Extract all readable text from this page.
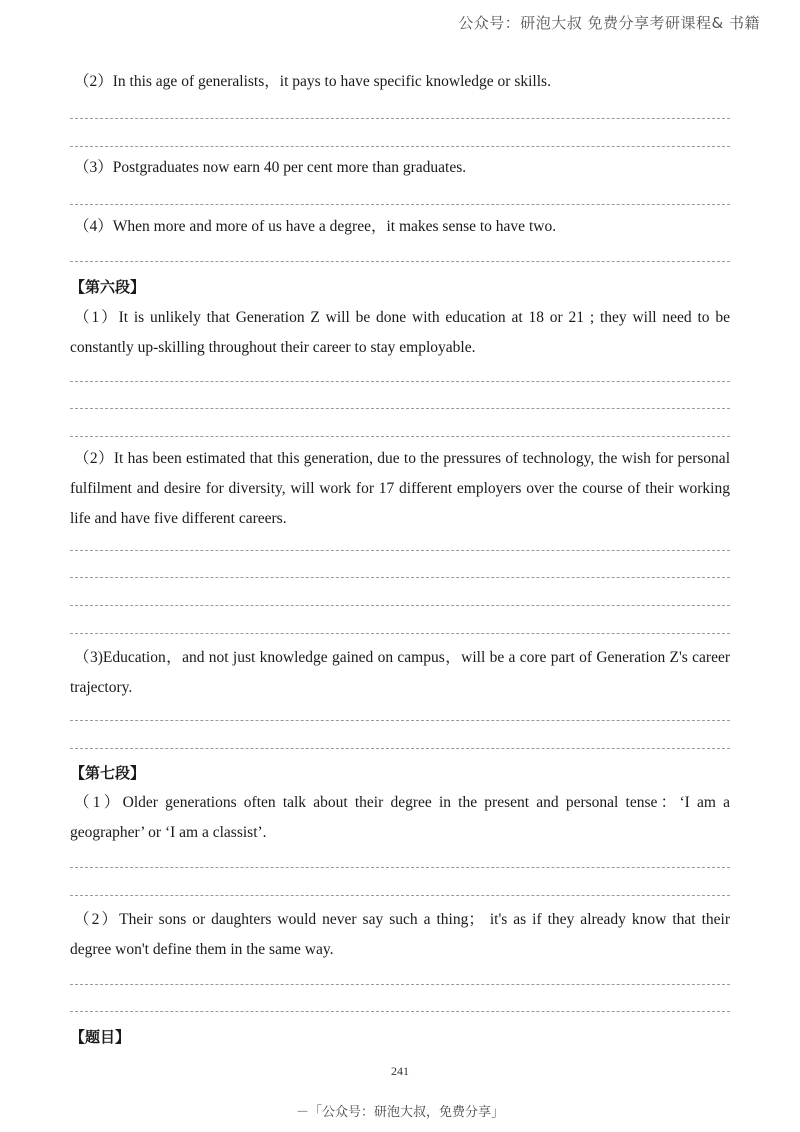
公众号：研泡大叔 免费分享考研课程& 书籍
（2）In this age of generalists，it pays to have specific knowledge or skills.
（3）Postgraduates now earn 40 per cent more than graduates.
（4）When more and more of us have a degree，it makes sense to have two.
【第六段】
（1）It is unlikely that Generation Z will be done with education at 18 or 21 ; they will need to be constantly up-skilling throughout their career to stay employable.
（2）It has been estimated that this generation, due to the pressures of technology, the wish for personal fulfilment and desire for diversity, will work for 17 different employers over the course of their working life and have five different careers.
（3)Education，and not just knowledge gained on campus，will be a core part of Generation Z's career trajectory.
【第七段】
（1）Older generations often talk about their degree in the present and personal tense：‘I am a geographer’ or ‘I am a classist’.
（2）Their sons or daughters would never say such a thing； it's as if they already know that their degree won't define them in the same way.
【题目】
241
－「公众号：研泡大叔，免费分享」
